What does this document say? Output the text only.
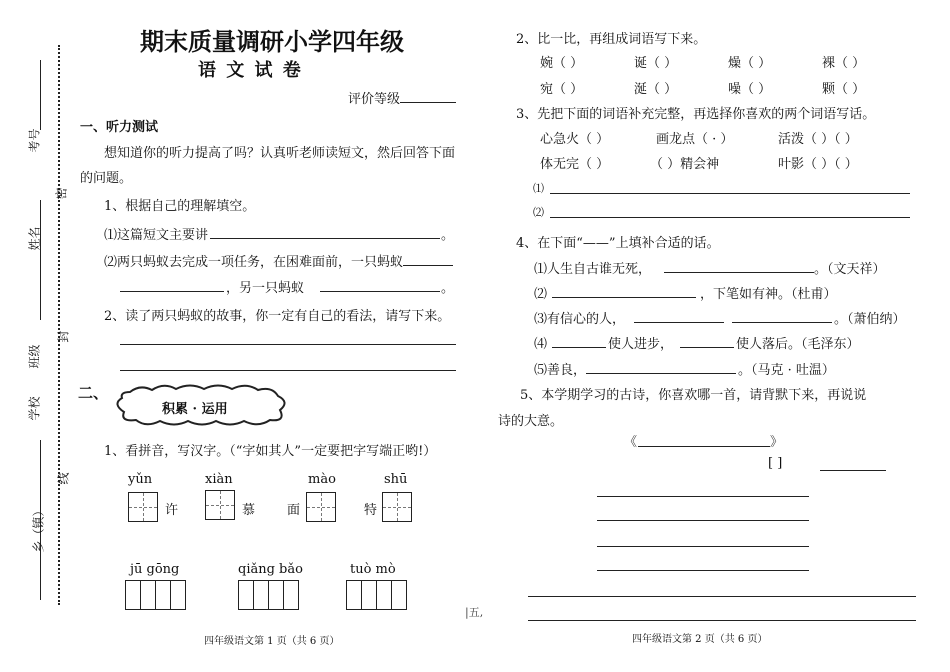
考号
姓名
班级
学校
乡（镇）
密
封
线
期末质量调研小学四年级
语 文 试 卷
评价等级
一、听力测试
想知道你的听力提高了吗？认真听老师读短文，然后回答下面
的问题。
1、根据自己的理解填空。
⑴这篇短文主要讲	。
⑵两只蚂蚁去完成一项任务，在困难面前，一只蚂蚁
，另一只蚂蚁	。
2、读了两只蚂蚁的故事，你一定有自己的看法，请写下来。
二、
积累 · 运用
1、看拼音，写汉字。（“字如其人”一定要把字写端正哟!）
yǔn
许
xiàn
慕
mào
面
shū
特
jū gōng	qiǎng bǎo	tuò mò
四年级语文第 1 页（共 6 页）
|五,
2、比一比，再组成词语写下来。
婉（ ）	诞（ ）	燥（ ）	裸（ ）
宛（ ）	涎（ ）	噪（ ）	颗（ ）
3、先把下面的词语补充完整，再选择你喜欢的两个词语写话。
心急火（ ）	画龙点（ · ）	活泼（ ）（ ）
体无完（ ）	（ ）精会神	叶影（ ）（ ）
⑴
⑵
4、在下面“——”上填补合适的话。
⑴人生自古谁无死，	。（文天祥）
⑵	，下笔如有神。（杜甫）
⑶有信心的人，	。（萧伯纳）
⑷	使人进步，	使人落后。（毛泽东）
⑸善良，	。（马克 · 吐温）
5、本学期学习的古诗，你喜欢哪一首，请背默下来，再说说
诗的大意。
《	》
[ ]
四年级语文第 2 页（共 6 页）
